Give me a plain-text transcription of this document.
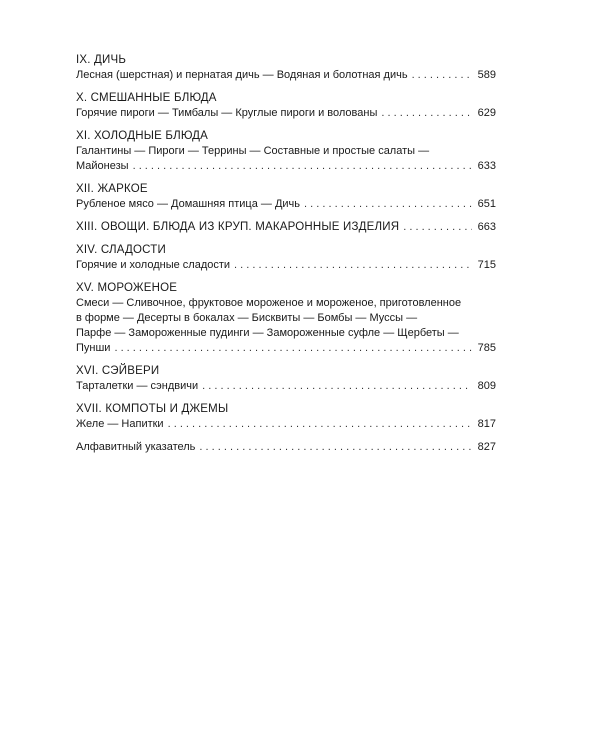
IX. ДИЧЬ
Лесная (шерстная) и пернатая дичь — Водяная и болотная дичь . . .	589
X. СМЕШАННЫЕ БЛЮДА
Горячие пироги — Тимбалы — Круглые пироги и волованы . . .	629
XI. ХОЛОДНЫЕ БЛЮДА
Галантины — Пироги — Террины — Составные и простые салаты —
Майонезы . . .	633
XII. ЖАРКОЕ
Рубленое мясо — Домашняя птица — Дичь . . .	651
XIII. ОВОЩИ. БЛЮДА ИЗ КРУП. МАКАРОННЫЕ ИЗДЕЛИЯ . . .	663
XIV. СЛАДОСТИ
Горячие и холодные сладости . . .	715
XV. МОРОЖЕНОЕ
Смеси — Сливочное, фруктовое мороженое и мороженое, приготовленное
в форме — Десерты в бокалах — Бисквиты — Бомбы — Муссы —
Парфе — Замороженные пудинги — Замороженные суфле — Щербеты —
Пунши . . .	785
XVI. СЭЙВЕРИ
Тарталетки — сэндвичи . . .	809
XVII. КОМПОТЫ И ДЖЕМЫ
Желе — Напитки . . .	817
Алфавитный указатель . . .	827
